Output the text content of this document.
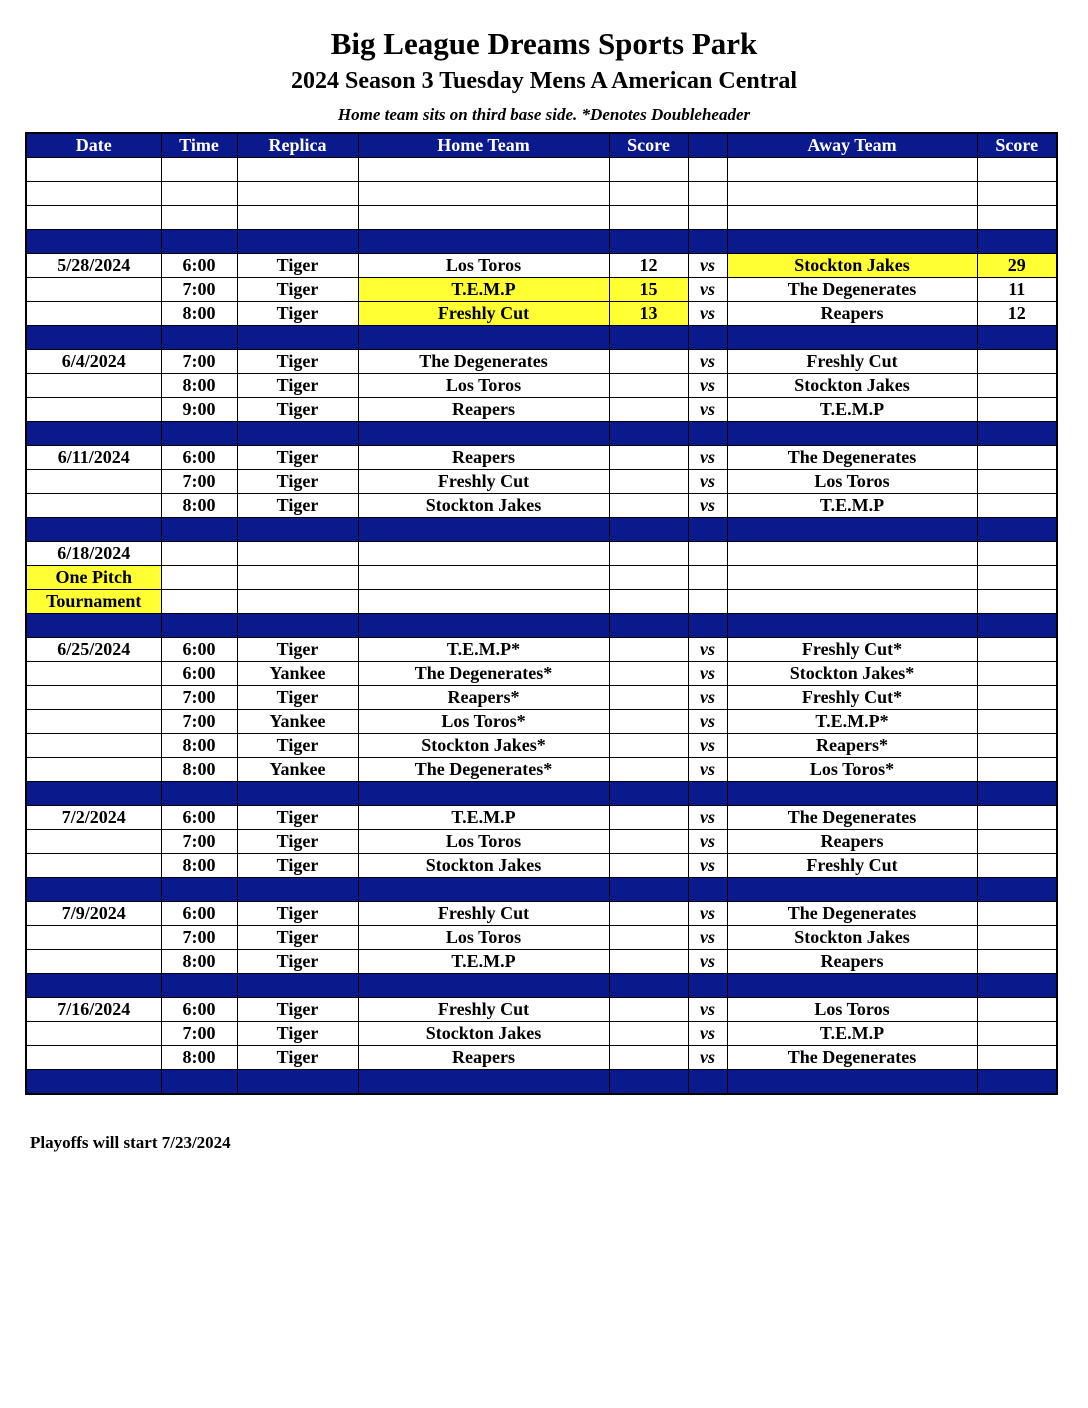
Big League Dreams Sports Park
2024 Season 3 Tuesday Mens A American Central
Home team sits on third base side. *Denotes Doubleheader
Date	Time	Replica	Home Team	Score		Away Team	Score

5/28/2024	6:00	Tiger	Los Toros	12	vs	Stockton Jakes	29
	7:00	Tiger	T.E.M.P	15	vs	The Degenerates	11
	8:00	Tiger	Freshly Cut	13	vs	Reapers	12

6/4/2024	7:00	Tiger	The Degenerates		vs	Freshly Cut	
	8:00	Tiger	Los Toros		vs	Stockton Jakes	
	9:00	Tiger	Reapers		vs	T.E.M.P	

6/11/2024	6:00	Tiger	Reapers		vs	The Degenerates	
	7:00	Tiger	Freshly Cut		vs	Los Toros	
	8:00	Tiger	Stockton Jakes		vs	T.E.M.P	

6/18/2024							
One Pitch							
Tournament							

6/25/2024	6:00	Tiger	T.E.M.P*		vs	Freshly Cut*	
	6:00	Yankee	The Degenerates*		vs	Stockton Jakes*	
	7:00	Tiger	Reapers*		vs	Freshly Cut*	
	7:00	Yankee	Los Toros*		vs	T.E.M.P*	
	8:00	Tiger	Stockton Jakes*		vs	Reapers*	
	8:00	Yankee	The Degenerates*		vs	Los Toros*	

7/2/2024	6:00	Tiger	T.E.M.P		vs	The Degenerates	
	7:00	Tiger	Los Toros		vs	Reapers	
	8:00	Tiger	Stockton Jakes		vs	Freshly Cut	

7/9/2024	6:00	Tiger	Freshly Cut		vs	The Degenerates	
	7:00	Tiger	Los Toros		vs	Stockton Jakes	
	8:00	Tiger	T.E.M.P		vs	Reapers	

7/16/2024	6:00	Tiger	Freshly Cut		vs	Los Toros	
	7:00	Tiger	Stockton Jakes		vs	T.E.M.P	
	8:00	Tiger	Reapers		vs	The Degenerates	

Playoffs will start 7/23/2024
